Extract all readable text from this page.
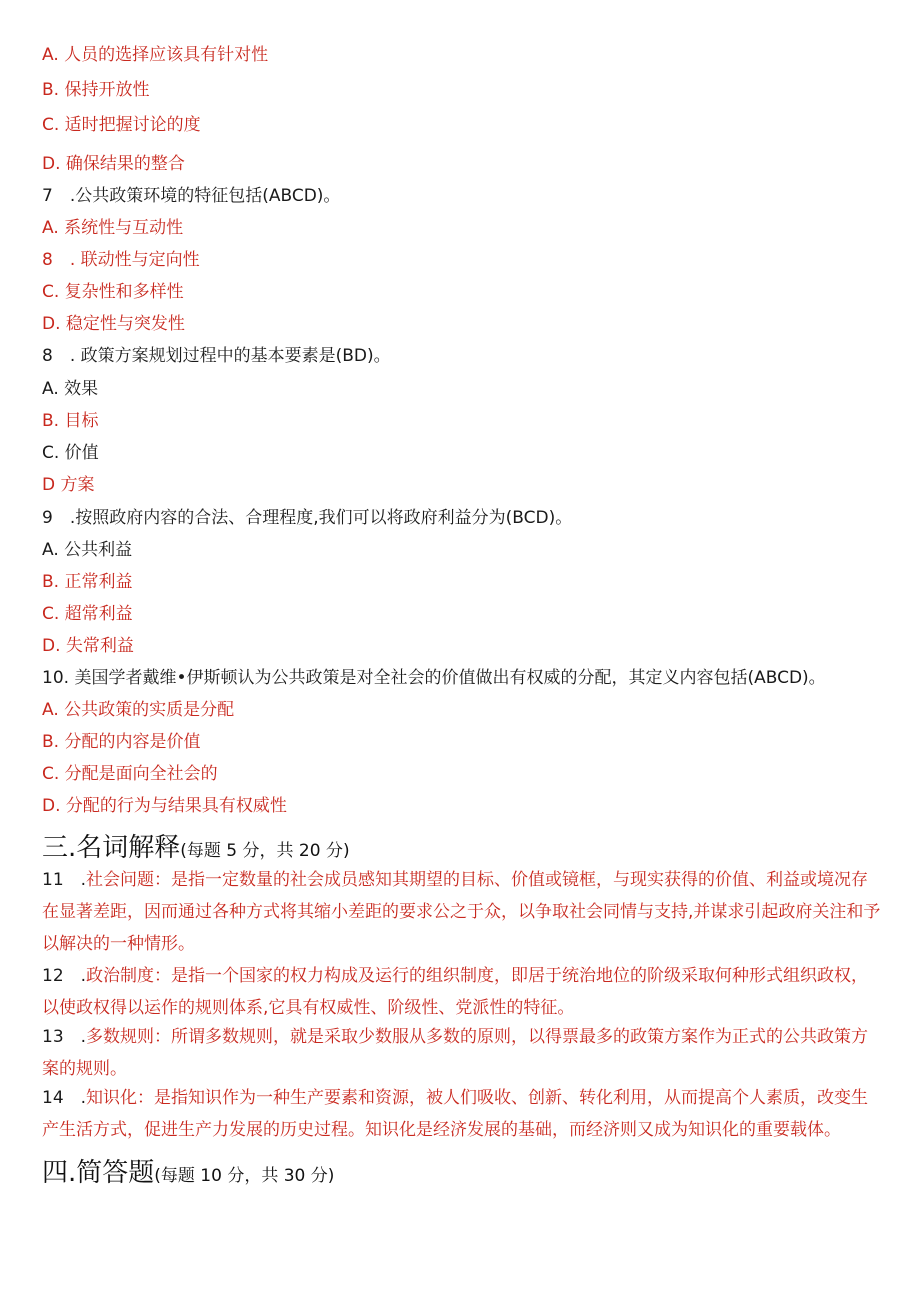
A. 人员的选择应该具有针对性
B. 保持开放性
C. 适时把握讨论的度
D. 确保结果的整合
7　.公共政策环境的特征包括(ABCD)。
A. 系统性与互动性
8　. 联动性与定向性
C. 复杂性和多样性
D. 稳定性与突发性
8　. 政策方案规划过程中的基本要素是(BD)。
A. 效果
B. 目标
C. 价值
D 方案
9　.按照政府内容的合法、合理程度,我们可以将政府利益分为(BCD)。
A. 公共利益
B. 正常利益
C. 超常利益
D. 失常利益
10. 美国学者戴维•伊斯顿认为公共政策是对全社会的价值做出有权威的分配，其定义内容包括(ABCD)。
A. 公共政策的实质是分配
B. 分配的内容是价值
C. 分配是面向全社会的
D. 分配的行为与结果具有权威性
三.名词解释(每题 5 分，共 20 分)
11　.社会问题：是指一定数量的社会成员感知其期望的目标、价值或镜框，与现实获得的价值、利益或境况存在显著差距，因而通过各种方式将其缩小差距的要求公之于众，以争取社会同情与支持,并谋求引起政府关注和予以解决的一种情形。
12　.政治制度：是指一个国家的权力构成及运行的组织制度，即居于统治地位的阶级采取何种形式组织政权，以使政权得以运作的规则体系,它具有权威性、阶级性、党派性的特征。
13　.多数规则：所谓多数规则，就是采取少数服从多数的原则，以得票最多的政策方案作为正式的公共政策方案的规则。
14　.知识化：是指知识作为一种生产要素和资源，被人们吸收、创新、转化利用，从而提高个人素质，改变生产生活方式，促进生产力发展的历史过程。知识化是经济发展的基础，而经济则又成为知识化的重要载体。
四.简答题(每题 10 分，共 30 分)
